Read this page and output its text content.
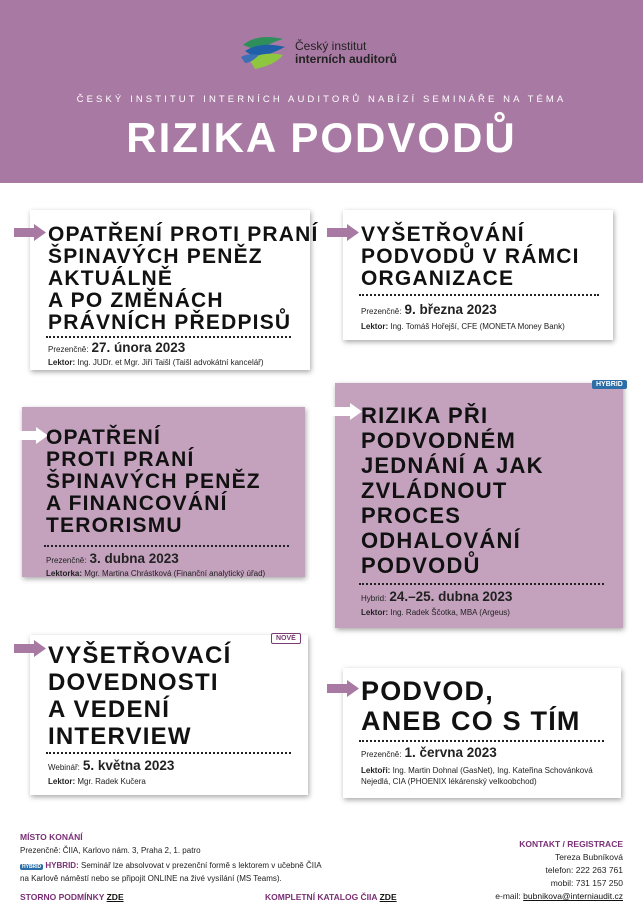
Český institut
interních auditorů
ČESKÝ INSTITUT INTERNÍCH AUDITORŮ NABÍZÍ SEMINÁŘE NA TÉMA
RIZIKA PODVODŮ
OPATŘENÍ PROTI PRANÍ
ŠPINAVÝCH PENĚZ
AKTUÁLNĚ
A PO ZMĚNÁCH
PRÁVNÍCH PŘEDPISŮ
Prezenčně: 27. února 2023
Lektor: Ing. JUDr. et Mgr. Jiří Taišl (Taišl advokátní kancelář)
VYŠETŘOVÁNÍ
PODVODŮ V RÁMCI
ORGANIZACE
Prezenčně: 9. března 2023
Lektor: Ing. Tomáš Hořejší, CFE (MONETA Money Bank)
OPATŘENÍ
PROTI PRANÍ
ŠPINAVÝCH PENĚZ
A FINANCOVÁNÍ
TERORISMU
Prezenčně: 3. dubna 2023
Lektorka: Mgr. Martina Chrástková (Finanční analytický úřad)
HYBRID
RIZIKA PŘI
PODVODNÉM
JEDNÁNÍ A JAK
ZVLÁDNOUT
PROCES
ODHALOVÁNÍ
PODVODŮ
Hybrid: 24.–25. dubna 2023
Lektor: Ing. Radek Ščotka, MBA (Argeus)
NOVÉ
VYŠETŘOVACÍ
DOVEDNOSTI
A VEDENÍ
INTERVIEW
Webinář: 5. května 2023
Lektor: Mgr. Radek Kučera
PODVOD,
ANEB CO S TÍM
Prezenčně: 1. června 2023
Lektoři: Ing. Martin Dohnal (GasNet), Ing. Kateřina Schovánková
Nejedlá, CIA (PHOENIX lékárenský velkoobchod)
MÍSTO KONÁNÍ
Prezenčně: ČIIA, Karlovo nám. 3, Praha 2, 1. patro
HYBRID HYBRID: Seminář lze absolvovat v prezenční formě s lektorem v učebně ČIIA
na Karlově náměstí nebo se připojit ONLINE na živé vysílání (MS Teams).
STORNO PODMÍNKY ZDE	KOMPLETNÍ KATALOG ČIIA ZDE
KONTAKT / REGISTRACE
Tereza Bubníková
telefon: 222 263 761
mobil: 731 157 250
e-mail: bubnikova@interniaudit.cz
